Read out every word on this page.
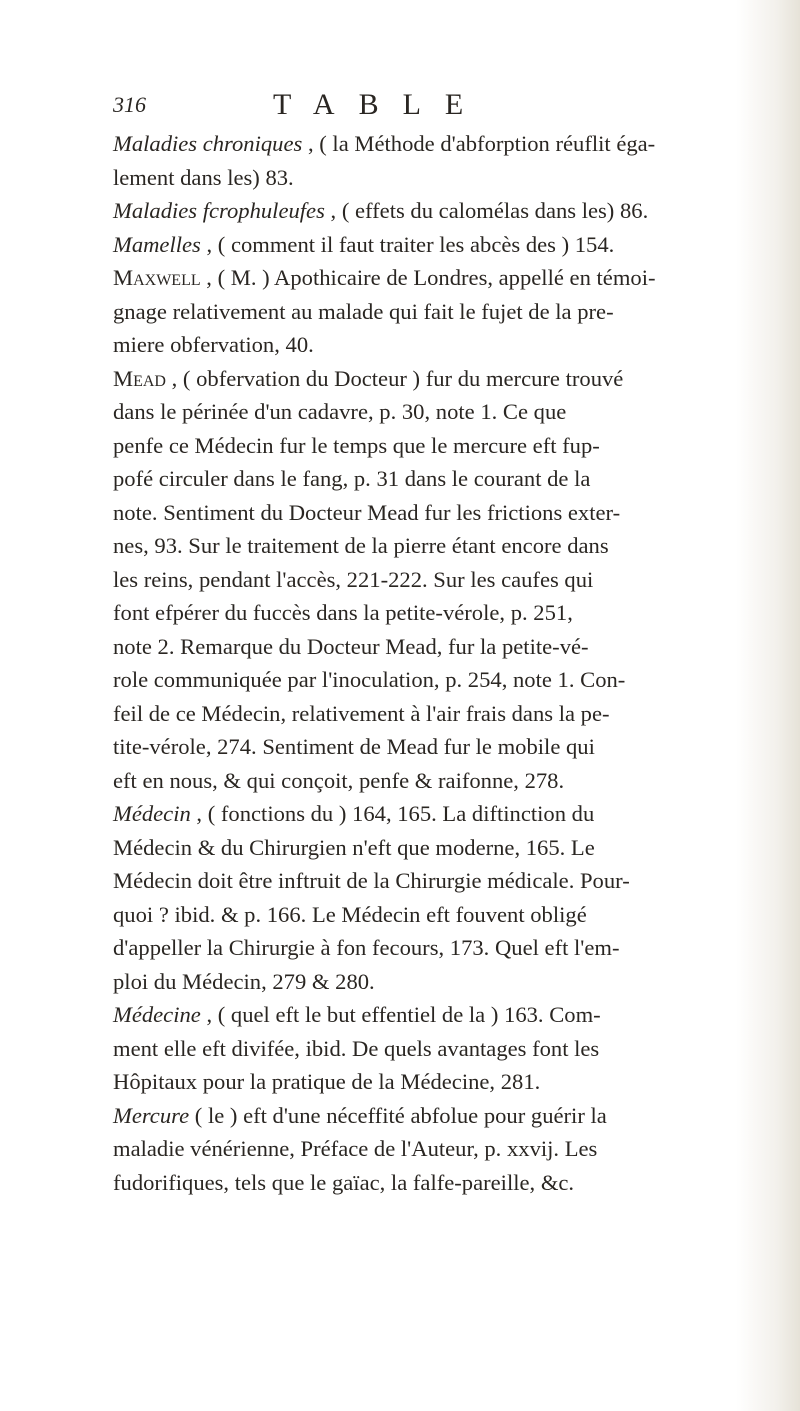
316	TABLE

Maladies chroniques , ( la Méthode d'abforption réuflit éga-
lement dans les) 83.

Maladies fcrophuleufes , ( effets du calomélas dans les) 86.

Mamelles , ( comment il faut traiter les abcès des ) 154.

Maxwell , ( M. ) Apothicaire de Londres, appellé en témoi-
gnage relativement au malade qui fait le fujet de la pre-
miere obfervation, 40.

Mead , ( obfervation du Docteur ) fur du mercure trouvé
dans le périnée d'un cadavre, p. 30, note 1. Ce que
penfe ce Médecin fur le temps que le mercure eft fup-
pofé circuler dans le fang, p. 31 dans le courant de la
note. Sentiment du Docteur Mead fur les frictions exter-
nes, 93. Sur le traitement de la pierre étant encore dans
les reins, pendant l'accès, 221-222. Sur les caufes qui
font efpérer du fuccès dans la petite-vérole, p. 251,
note 2. Remarque du Docteur Mead, fur la petite-vé-
role communiquée par l'inoculation, p. 254, note 1. Con-
feil de ce Médecin, relativement à l'air frais dans la pe-
tite-vérole, 274. Sentiment de Mead fur le mobile qui
eft en nous, & qui conçoit, penfe & raifonne, 278.

Médecin , ( fonctions du ) 164, 165. La diftinction du
Médecin & du Chirurgien n'eft que moderne, 165. Le
Médecin doit être inftruit de la Chirurgie médicale. Pour-
quoi ? ibid. & p. 166. Le Médecin eft fouvent obligé
d'appeller la Chirurgie à fon fecours, 173. Quel eft l'em-
ploi du Médecin, 279 & 280.

Médecine , ( quel eft le but effentiel de la ) 163. Com-
ment elle eft divifée, ibid. De quels avantages font les
Hôpitaux pour la pratique de la Médecine, 281.

Mercure ( le ) eft d'une néceffité abfolue pour guérir la
maladie vénérienne, Préface de l'Auteur, p. xxvij. Les
fudorifiques, tels que le gaïac, la falfe-pareille, &c.
